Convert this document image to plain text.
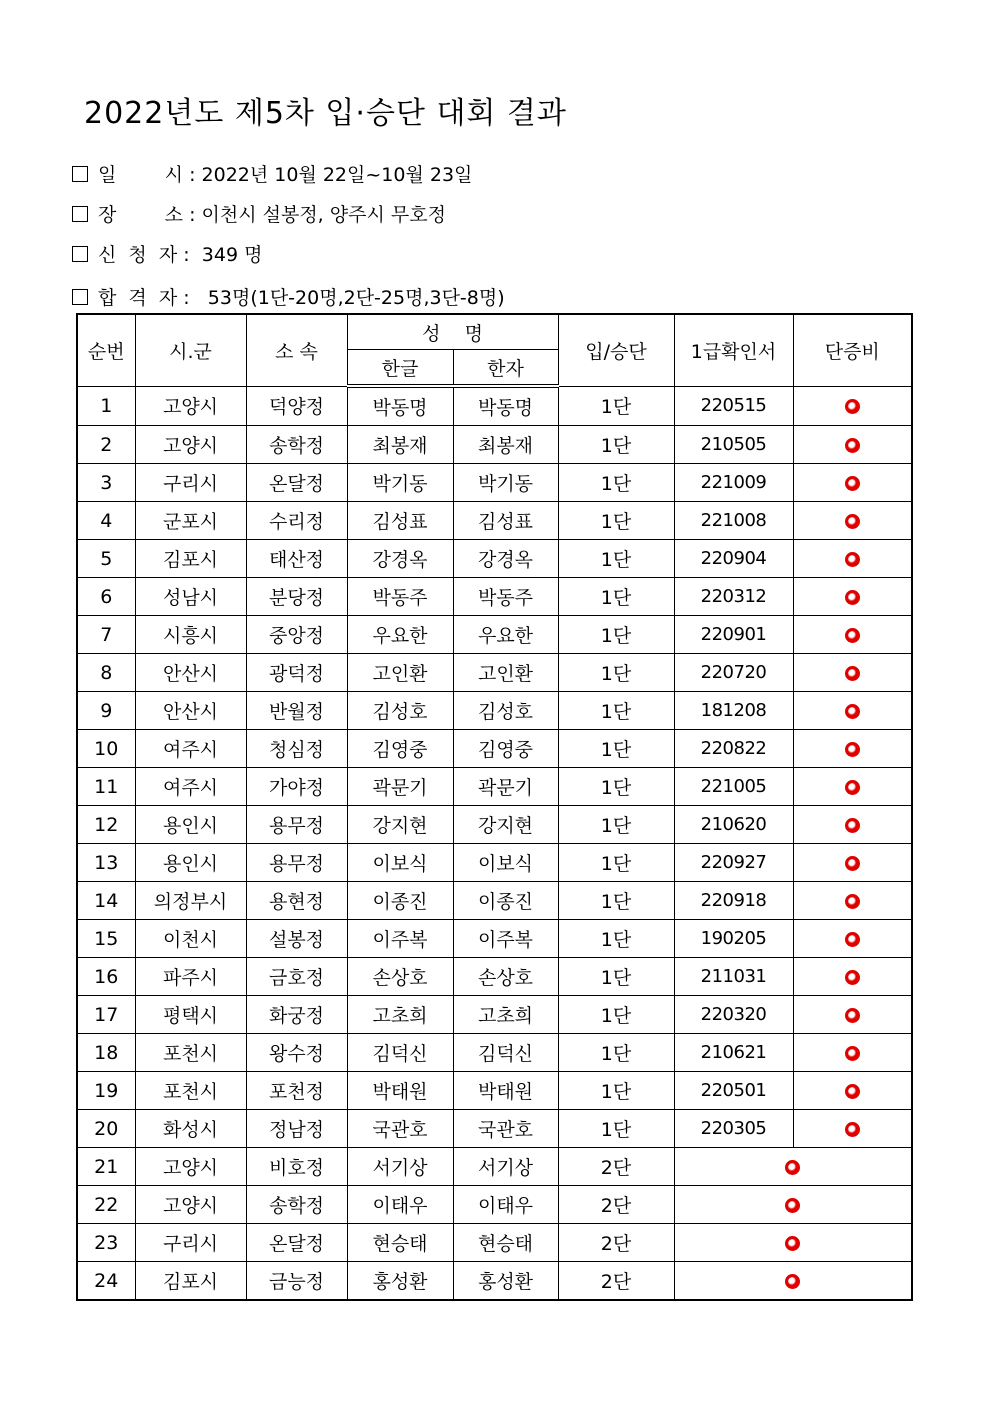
2022년도 제5차 입·승단 대회 결과
일        시 : 2022년 10월 22일~10월 23일
장        소 : 이천시 설봉정, 양주시 무호정
신  청  자 :  349 명
합  격  자 :   53명(1단-20명,2단-25명,3단-8명)
순번	시.군	소 속	성    명		입/승단	1급확인서	단증비
			한글	한자			
1	고양시	덕양정	박동명	박동명	1단	220515	
2	고양시	송학정	최봉재	최봉재	1단	210505	
3	구리시	온달정	박기동	박기동	1단	221009	
4	군포시	수리정	김성표	김성표	1단	221008	
5	김포시	태산정	강경옥	강경옥	1단	220904	
6	성남시	분당정	박동주	박동주	1단	220312	
7	시흥시	중앙정	우요한	우요한	1단	220901	
8	안산시	광덕정	고인환	고인환	1단	220720	
9	안산시	반월정	김성호	김성호	1단	181208	
10	여주시	청심정	김영중	김영중	1단	220822	
11	여주시	가야정	곽문기	곽문기	1단	221005	
12	용인시	용무정	강지현	강지현	1단	210620	
13	용인시	용무정	이보식	이보식	1단	220927	
14	의정부시	용현정	이종진	이종진	1단	220918	
15	이천시	설봉정	이주복	이주복	1단	190205	
16	파주시	금호정	손상호	손상호	1단	211031	
17	평택시	화궁정	고초희	고초희	1단	220320	
18	포천시	왕수정	김덕신	김덕신	1단	210621	
19	포천시	포천정	박태원	박태원	1단	220501	
20	화성시	정남정	국관호	국관호	1단	220305	
21	고양시	비호정	서기상	서기상	2단		
22	고양시	송학정	이태우	이태우	2단		
23	구리시	온달정	현승태	현승태	2단		
24	김포시	금능정	홍성환	홍성환	2단		
